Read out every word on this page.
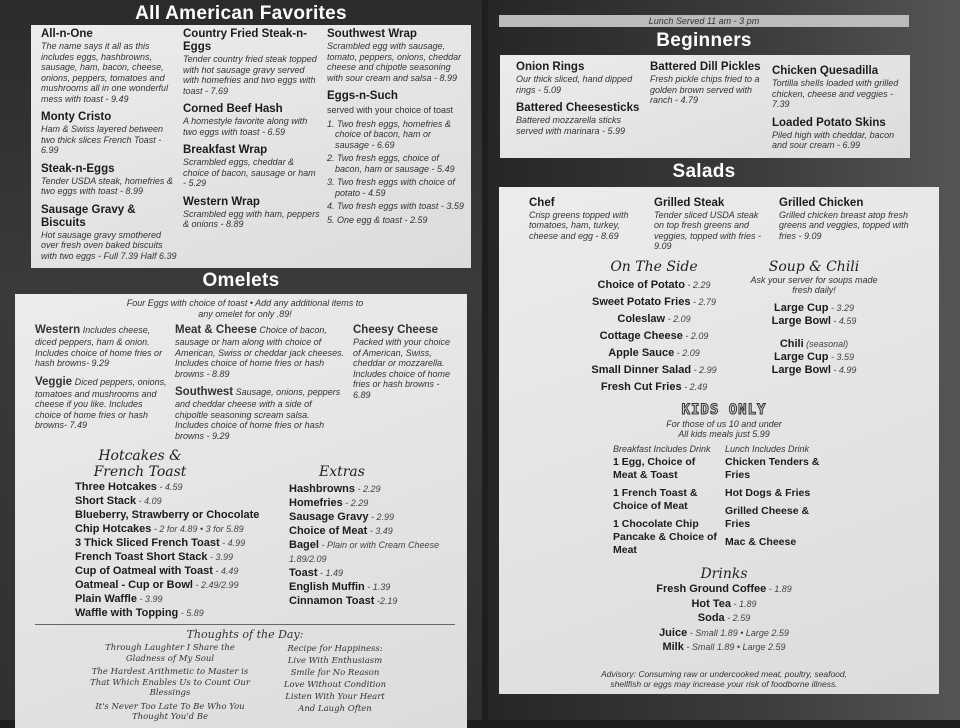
All American Favorites
All-n-One
The name says it all as this includes eggs, hashbrowns, sausage, ham, bacon, cheese, onions, peppers, tomatoes and mushrooms all in one wonderful mess with toast - 9.49
Monty Cristo
Ham & Swiss layered between two thick slices French Toast - 6.99
Steak-n-Eggs
Tender USDA steak, homefries & two eggs with toast - 8.99
Sausage Gravy & Biscuits
Hot sausage gravy smothered over fresh oven baked biscuits with two eggs - Full 7.39 Half 6.39
Country Fried Steak-n-Eggs
Tender country fried steak topped with hot sausage gravy served with homefries and two eggs with toast - 7.69
Corned Beef Hash
A homestyle favorite along with two eggs with toast - 6.59
Breakfast Wrap
Scrambled eggs, cheddar & choice of bacon, sausage or ham - 5.29
Western Wrap
Scrambled egg with ham, peppers & onions - 8.89
Southwest Wrap
Scrambled egg with sausage, tomato, peppers, onions, cheddar cheese and chipotle seasoning with sour cream and salsa - 8.99
Eggs-n-Such
served with your choice of toast
1. Two fresh eggs, homefries & choice of bacon, ham or sausage - 6.69
2. Two fresh eggs, choice of bacon, ham or sausage - 5.49
3. Two fresh eggs with choice of potato - 4.59
4. Two fresh eggs with toast - 3.59
5. One egg & toast - 2.59
Omelets
Four Eggs with choice of toast • Add any additional items to any omelet for only .89!
Western Includes cheese, diced peppers, ham & onion. Includes choice of home fries or hash browns- 9.29
Veggie Diced peppers, onions, tomatoes and mushrooms and cheese if you like. Includes choice of home fries or hash browns- 7.49
Meat & Cheese Choice of bacon, sausage or ham along with choice of American, Swiss or cheddar jack cheeses. Includes choice of home fries or hash browns - 8.89
Southwest Sausage, onions, peppers and cheddar cheese with a side of chipoltle seasoning scream salsa. Includes choice of home fries or hash browns - 9.29
Cheesy Cheese Packed with your choice of American, Swiss, cheddar or mozzarella. Includes choice of home fries or hash browns - 6.89
Hotcakes & French Toast
Three Hotcakes - 4.59
Short Stack - 4.09
Blueberry, Strawberry or Chocolate Chip Hotcakes - 2 for 4.89 • 3 for 5.89
3 Thick Sliced French Toast - 4.99
French Toast Short Stack - 3.99
Cup of Oatmeal with Toast - 4.49
Oatmeal - Cup or Bowl - 2.49/2.99
Plain Waffle - 3.99
Waffle with Topping - 5.89
Extras
Hashbrowns - 2.29
Homefries - 2.29
Sausage Gravy - 2.99
Choice of Meat - 3.49
Bagel - Plain or with Cream Cheese 1.89/2.09
Toast - 1.49
English Muffin - 1.39
Cinnamon Toast -2.19
Thoughts of the Day:
Through Laughter I Share the Gladness of My Soul
The Hardest Arithmetic to Master is That Which Enables Us to Count Our Blessings
It's Never Too Late To Be Who You Thought You'd Be
Recipe for Happiness:
Live With Enthusiasm
Smile for No Reason
Love Without Condition
Listen With Your Heart
And Laugh Often
Lunch Served 11 am - 3 pm
Beginners
Onion Rings
Our thick sliced, hand dipped rings - 5.09
Battered Cheesesticks
Battered mozzarella sticks served with marinara - 5.99
Battered Dill Pickles
Fresh pickle chips fried to a golden brown served with ranch - 4.79
Chicken Quesadilla
Tortilla shells loaded with grilled chicken, cheese and veggies - 7.39
Loaded Potato Skins
Piled high with cheddar, bacon and sour cream - 6.99
Salads
Chef
Crisp greens topped with tomatoes, ham, turkey, cheese and egg - 8.69
Grilled Steak
Tender sliced USDA steak on top fresh greens and veggies, topped with fries - 9.09
Grilled Chicken
Grilled chicken breast atop fresh greens and veggies, topped with fries - 9.09
On The Side
Choice of Potato - 2.29
Sweet Potato Fries - 2.79
Coleslaw - 2.09
Cottage Cheese - 2.09
Apple Sauce - 2.09
Small Dinner Salad - 2.99
Fresh Cut Fries - 2.49
Soup & Chili
Ask your server for soups made fresh daily!
Large Cup - 3.29
Large Bowl - 4.59
Chili (seasonal)
Large Cup - 3.59
Large Bowl - 4.99
KIDS ONLY
For those of us 10 and under
All kids meals just 5.99
Breakfast Includes Drink
1 Egg, Choice of Meat & Toast
1 French Toast & Choice of Meat
1 Chocolate Chip Pancake & Choice of Meat
Lunch Includes Drink
Chicken Tenders & Fries
Hot Dogs & Fries
Grilled Cheese & Fries
Mac & Cheese
Drinks
Fresh Ground Coffee - 1.89
Hot Tea - 1.89
Soda - 2.59
Juice - Small 1.89 • Large 2.59
Milk - Small 1.89 • Large 2.59
Advisory: Consuming raw or undercooked meat, poultry, seafood, shellfish or eggs may increase your risk of foodborne illness.
